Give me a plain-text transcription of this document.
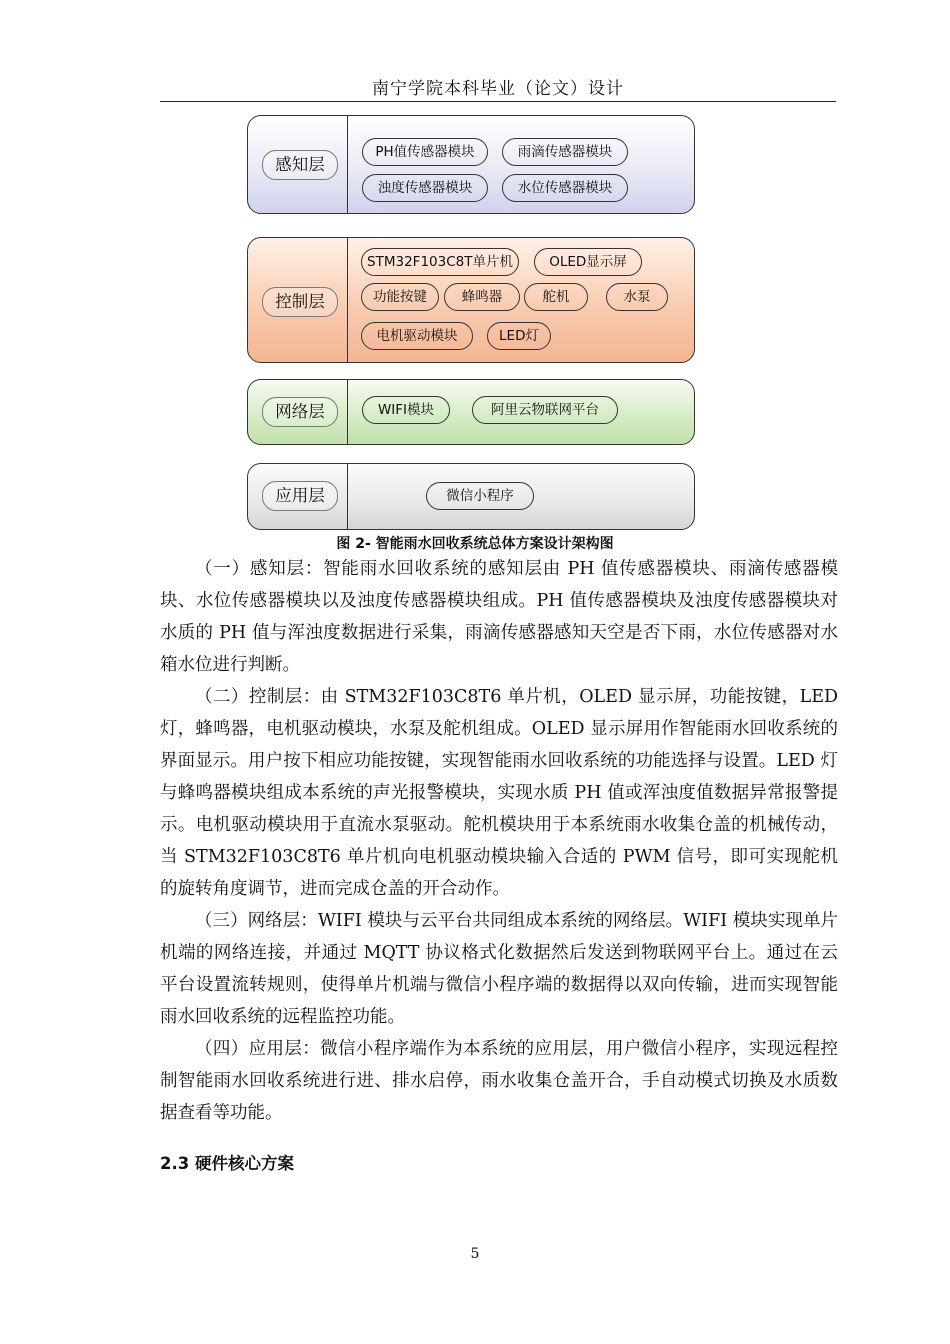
南宁学院本科毕业（论文）设计
感知层
PH值传感器模块	雨滴传感器模块
浊度传感器模块	水位传感器模块
控制层
STM32F103C8T单片机	OLED显示屏
功能按键	蜂鸣器	舵机	水泵
电机驱动模块	LED灯
网络层	WIFI模块	阿里云物联网平台
应用层	微信小程序
图 2- 智能雨水回收系统总体方案设计架构图

（一）感知层：智能雨水回收系统的感知层由 PH 值传感器模块、雨滴传感器模块、水位传感器模块以及浊度传感器模块组成。PH 值传感器模块及浊度传感器模块对水质的 PH 值与浑浊度数据进行采集，雨滴传感器感知天空是否下雨，水位传感器对水箱水位进行判断。

（二）控制层：由 STM32F103C8T6 单片机，OLED 显示屏，功能按键，LED 灯，蜂鸣器，电机驱动模块，水泵及舵机组成。OLED 显示屏用作智能雨水回收系统的界面显示。用户按下相应功能按键，实现智能雨水回收系统的功能选择与设置。LED 灯与蜂鸣器模块组成本系统的声光报警模块，实现水质 PH 值或浑浊度值数据异常报警提示。电机驱动模块用于直流水泵驱动。舵机模块用于本系统雨水收集仓盖的机械传动，当 STM32F103C8T6 单片机向电机驱动模块输入合适的 PWM 信号，即可实现舵机的旋转角度调节，进而完成仓盖的开合动作。

（三）网络层：WIFI 模块与云平台共同组成本系统的网络层。WIFI 模块实现单片机端的网络连接，并通过 MQTT 协议格式化数据然后发送到物联网平台上。通过在云平台设置流转规则，使得单片机端与微信小程序端的数据得以双向传输，进而实现智能雨水回收系统的远程监控功能。

（四）应用层：微信小程序端作为本系统的应用层，用户微信小程序，实现远程控制智能雨水回收系统进行进、排水启停，雨水收集仓盖开合，手自动模式切换及水质数据查看等功能。

2.3 硬件核心方案
5
